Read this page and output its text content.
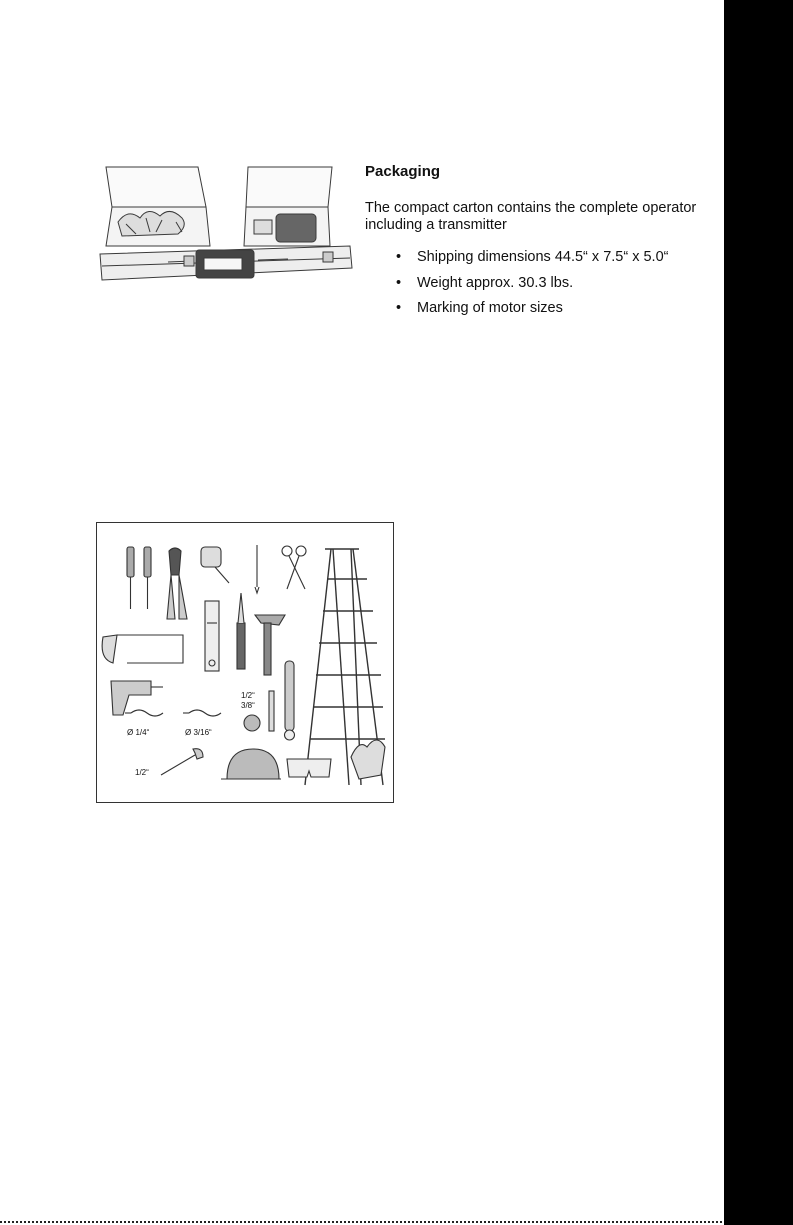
Packaging

The compact carton contains the complete operator including a transmitter

• Shipping dimensions 44.5“ x 7.5“ x 5.0“
• Weight approx. 30.3 lbs.
• Marking of motor sizes
1/2“
3/8“
Ø 1/4“	Ø 3/16“
1/2“
